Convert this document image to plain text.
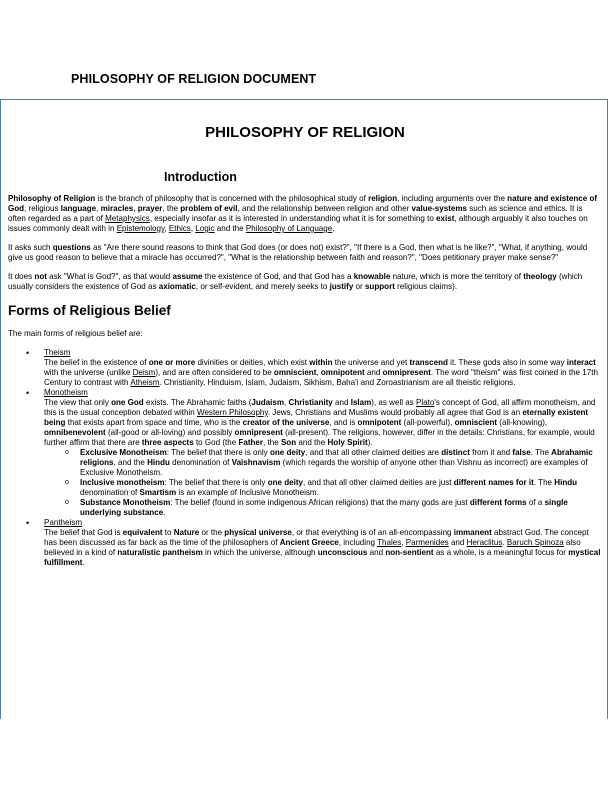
PHILOSOPHY OF RELIGION DOCUMENT
PHILOSOPHY OF RELIGION
Introduction

Philosophy of Religion is the branch of philosophy that is concerned with the philosophical study of religion, including arguments over the nature and existence of God, religious language, miracles, prayer, the problem of evil, and the relationship between religion and other value-systems such as science and ethics. It is often regarded as a part of Metaphysics, especially insofar as it is interested in understanding what it is for something to exist, although arguably it also touches on issues commonly dealt with in Epistemology, Ethics, Logic and the Philosophy of Language.

It asks such questions as "Are there sound reasons to think that God does (or does not) exist?", "If there is a God, then what is he like?", "What, if anything, would give us good reason to believe that a miracle has occurred?", "What is the relationship between faith and reason?", "Does petitionary prayer make sense?"

It does not ask "What is God?", as that would assume the existence of God, and that God has a knowable nature, which is more the territory of theology (which usually considers the existence of God as axiomatic, or self-evident, and merely seeks to justify or support religious claims).

Forms of Religious Belief

The main forms of religious belief are:

• Theism
The belief in the existence of one or more divinities or deities, which exist within the universe and yet transcend it. These gods also in some way interact with the universe (unlike Deism), and are often considered to be omniscient, omnipotent and omnipresent. The word "theism" was first coined in the 17th Century to contrast with Atheism. Christianity, Hinduism, Islam, Judaism, Sikhism, Baha'i and Zoroastrianism are all theistic religions.
• Monotheism
The view that only one God exists. The Abrahamic faiths (Judaism, Christianity and Islam), as well as Plato's concept of God, all affirm monotheism, and this is the usual conception debated within Western Philosophy. Jews, Christians and Muslims would probably all agree that God is an eternally existent being that exists apart from space and time, who is the creator of the universe, and is omnipotent (all-powerful), omniscient (all-knowing), omnibenevolent (all-good or all-loving) and possibly omnipresent (all-present). The religions, however, differ in the details: Christians, for example, would further affirm that there are three aspects to God (the Father, the Son and the Holy Spirit).
o Exclusive Monotheism: The belief that there is only one deity, and that all other claimed deities are distinct from it and false. The Abrahamic religions, and the Hindu denomination of Vaishnavism (which regards the worship of anyone other than Vishnu as incorrect) are examples of Exclusive Monotheism.
o Inclusive monotheism: The belief that there is only one deity, and that all other claimed deities are just different names for it. The Hindu denomination of Smartism is an example of Inclusive Monotheism.
o Substance Monotheism: The belief (found in some indigenous African religions) that the many gods are just different forms of a single underlying substance.
• Pantheism
The belief that God is equivalent to Nature or the physical universe, or that everything is of an all-encompassing immanent abstract God. The concept has been discussed as far back as the time of the philosophers of Ancient Greece, including Thales, Parmenides and Heraclitus. Baruch Spinoza also believed in a kind of naturalistic pantheism in which the universe, although unconscious and non-sentient as a whole, is a meaningful focus for mystical fulfillment.
